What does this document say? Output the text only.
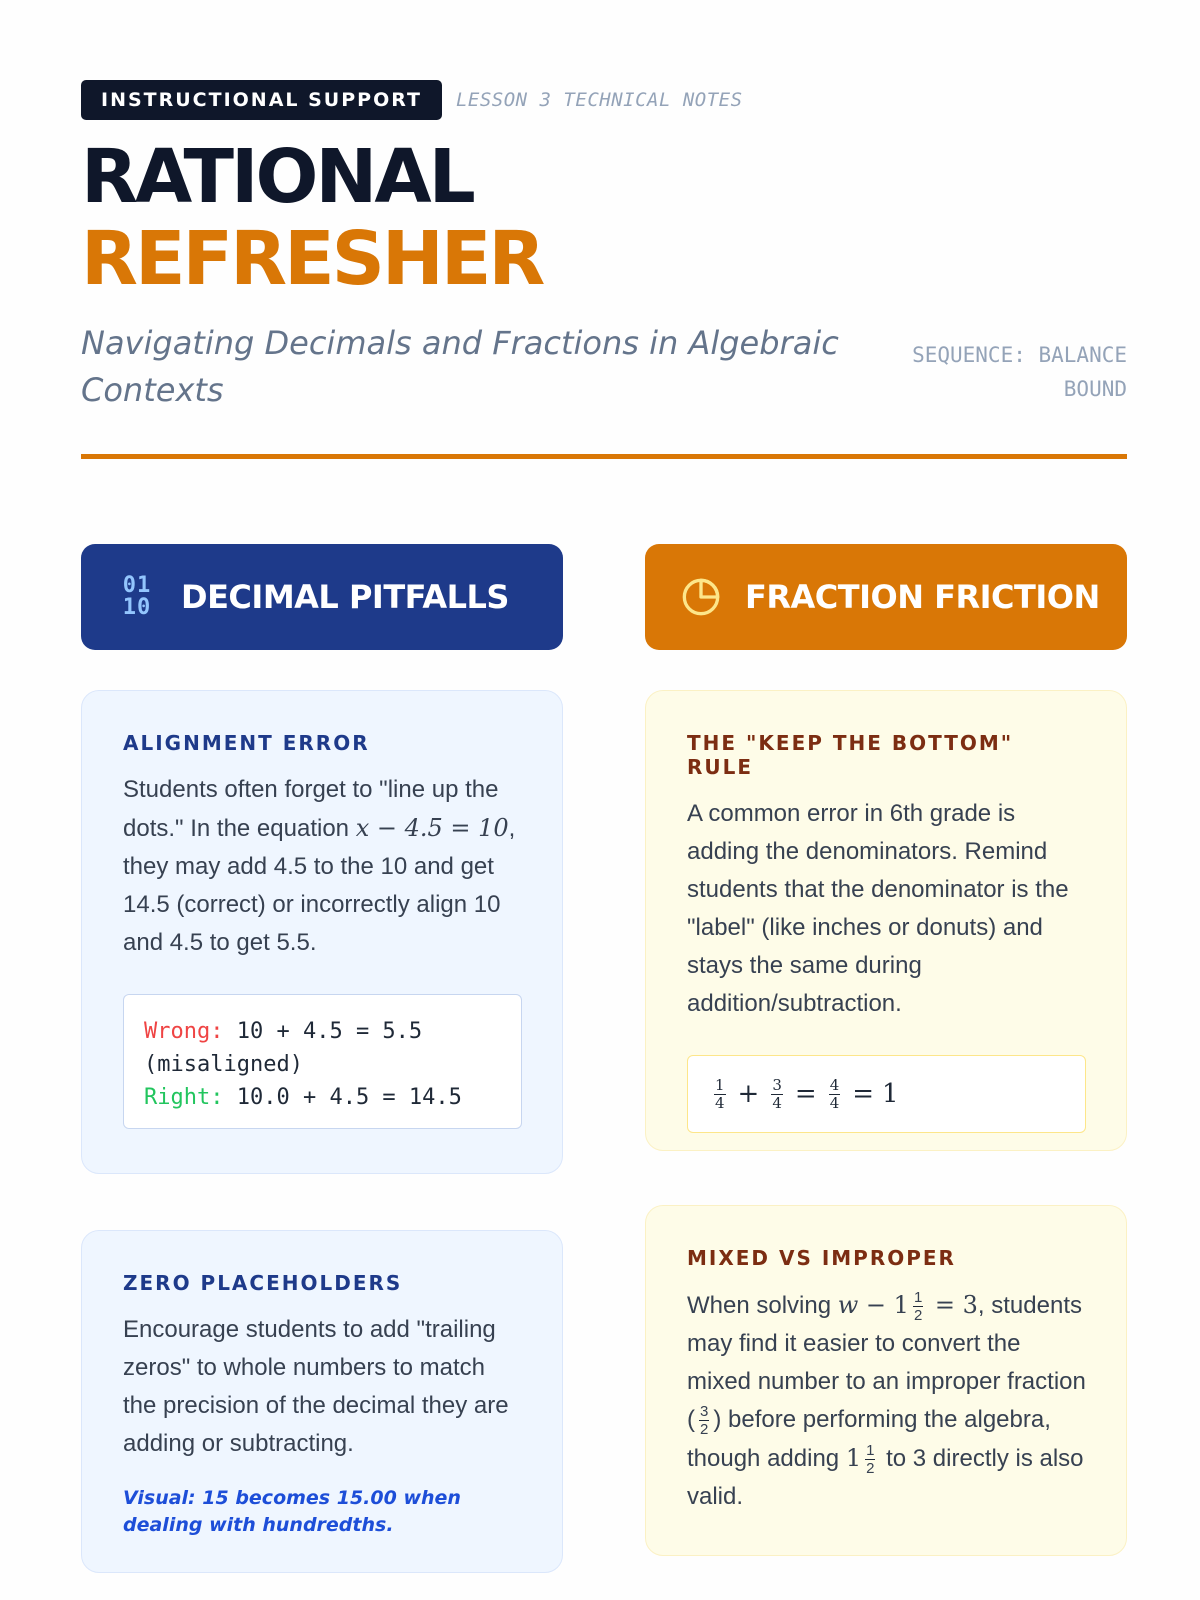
INSTRUCTIONAL SUPPORT	LESSON 3 TECHNICAL NOTES
RATIONAL
REFRESHER
Navigating Decimals and Fractions in Algebraic Contexts
SEQUENCE: BALANCE
BOUND
01
10 DECIMAL PITFALLS	FRACTION FRICTION
ALIGNMENT ERROR
Students often forget to "line up the dots." In the equation x − 4.5 = 10, they may add 4.5 to the 10 and get 14.5 (correct) or incorrectly align 10 and 4.5 to get 5.5.
Wrong: 10 + 4.5 = 5.5
(misaligned)
Right: 10.0 + 4.5 = 14.5
ZERO PLACEHOLDERS
Encourage students to add "trailing zeros" to whole numbers to match the precision of the decimal they are adding or subtracting.
Visual: 15 becomes 15.00 when dealing with hundredths.
THE "KEEP THE BOTTOM" RULE
A common error in 6th grade is adding the denominators. Remind students that the denominator is the "label" (like inches or donuts) and stays the same during addition/subtraction.
$\frac{1}{4} + \frac{3}{4} = \frac{4}{4} = 1$
MIXED VS IMPROPER
When solving $w - 1 \frac{1}{2} = 3$, students may find it easier to convert the mixed number to an improper fraction ( $\frac{3}{2}$ ) before performing the algebra, though adding $1 \frac{1}{2}$ to 3 directly is also valid.
